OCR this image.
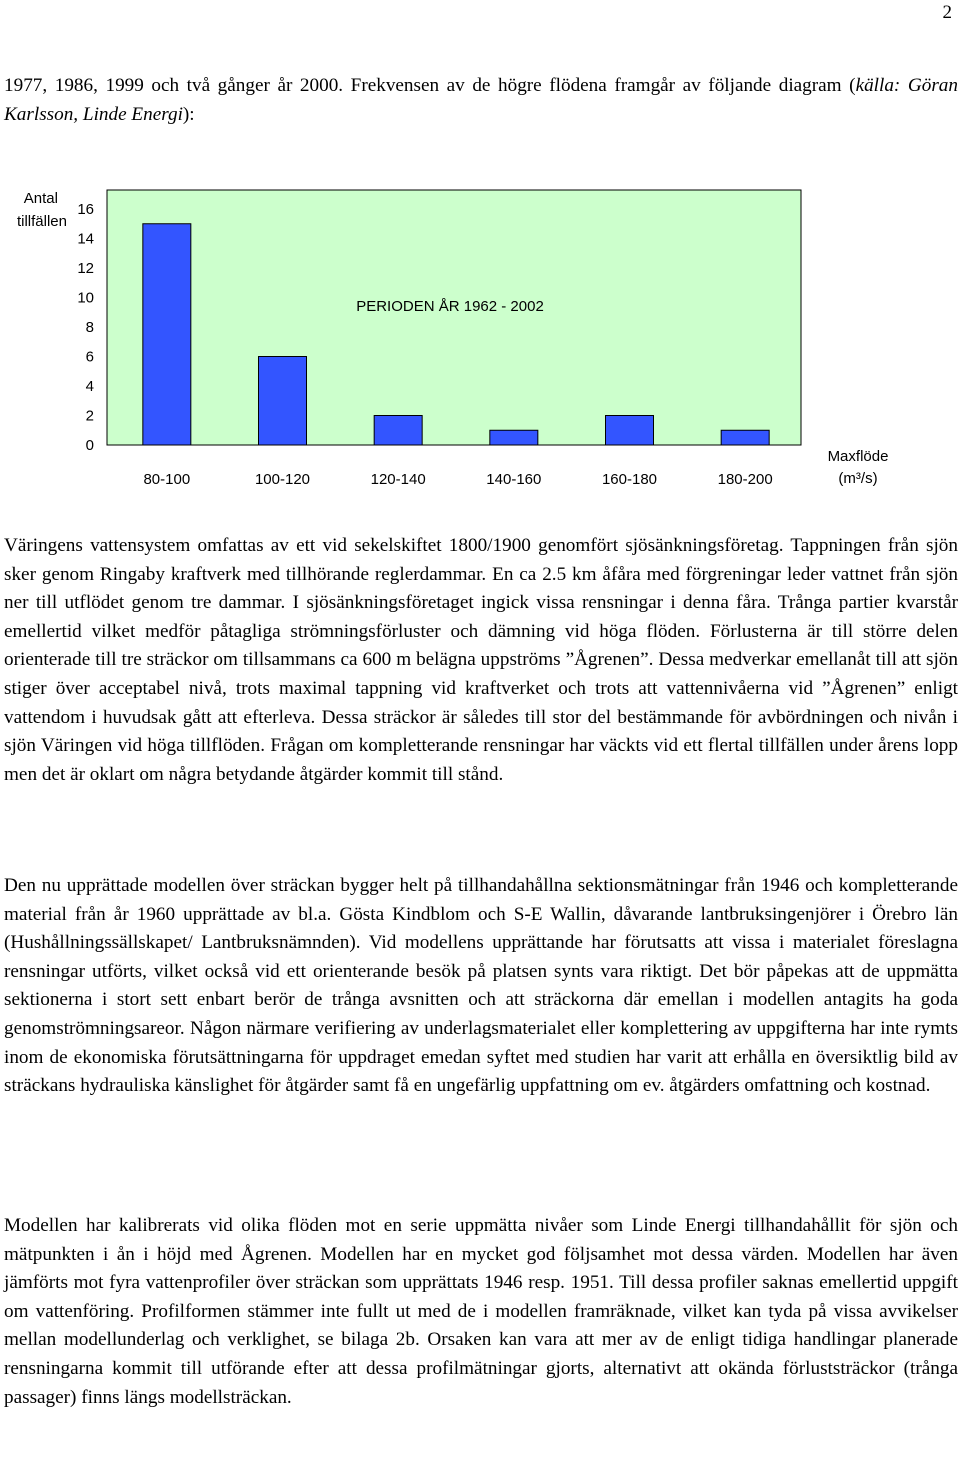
2

1977, 1986, 1999 och två gånger år 2000. Frekvensen av de högre flödena framgår av följande diagram (källa: Göran Karlsson, Linde Energi):

Antal
tillfällen
PERIODEN ÅR 1962 - 2002
Maxflöde
(m³/s)
0
2
4
6
8
10
12
14
16
80-100	100-120	120-140	140-160	160-180	180-200

Väringens vattensystem omfattas av ett vid sekelskiftet 1800/1900 genomfört sjösänkningsföretag. Tappningen från sjön sker genom Ringaby kraftverk med tillhörande reglerdammar. En ca 2.5 km åfåra med förgreningar leder vattnet från sjön ner till utflödet genom tre dammar. I sjösänkningsföretaget ingick vissa rensningar i denna fåra. Trånga partier kvarstår emellertid vilket medför påtagliga strömningsförluster och dämning vid höga flöden. Förlusterna är till större delen orienterade till tre sträckor om tillsammans ca 600 m belägna uppströms ”Ågrenen”. Dessa medverkar emellanåt till att sjön stiger över acceptabel nivå, trots maximal tappning vid kraftverket och trots att vattennivåerna vid ”Ågrenen” enligt vattendom i huvudsak gått att efterleva. Dessa sträckor är således till stor del bestämmande för avbördningen och nivån i sjön Väringen vid höga tillflöden. Frågan om kompletterande rensningar har väckts vid ett flertal tillfällen under årens lopp men det är oklart om några betydande åtgärder kommit till stånd.

Den nu upprättade modellen över sträckan bygger helt på tillhandahållna sektionsmätningar från 1946 och kompletterande material från år 1960 upprättade av bl.a. Gösta Kindblom och S-E Wallin, dåvarande lantbruksingenjörer i Örebro län (Hushållningssällskapet/ Lantbruksnämnden). Vid modellens upprättande har förutsatts att vissa i materialet föreslagna rensningar utförts, vilket också vid ett orienterande besök på platsen synts vara riktigt. Det bör påpekas att de uppmätta sektionerna i stort sett enbart berör de trånga avsnitten och att sträckorna där emellan i modellen antagits ha goda genomströmningsareor. Någon närmare verifiering av underlagsmaterialet eller komplettering av uppgifterna har inte rymts inom de ekonomiska förutsättningarna för uppdraget emedan syftet med studien har varit att erhålla en översiktlig bild av sträckans hydrauliska känslighet för åtgärder samt få en ungefärlig uppfattning om ev. åtgärders omfattning och kostnad.

Modellen har kalibrerats vid olika flöden mot en serie uppmätta nivåer som Linde Energi tillhandahållit för sjön och mätpunkten i ån i höjd med Ågrenen. Modellen har en mycket god följsamhet mot dessa värden. Modellen har även jämförts mot fyra vattenprofiler över sträckan som upprättats 1946 resp. 1951. Till dessa profiler saknas emellertid uppgift om vattenföring. Profilformen stämmer inte fullt ut med de i modellen framräknade, vilket kan tyda på vissa avvikelser mellan modellunderlag och verklighet, se bilaga 2b. Orsaken kan vara att mer av de enligt tidiga handlingar planerade rensningarna kommit till utförande efter att dessa profilmätningar gjorts, alternativt att okända förluststräckor (trånga passager) finns längs modellsträckan.
